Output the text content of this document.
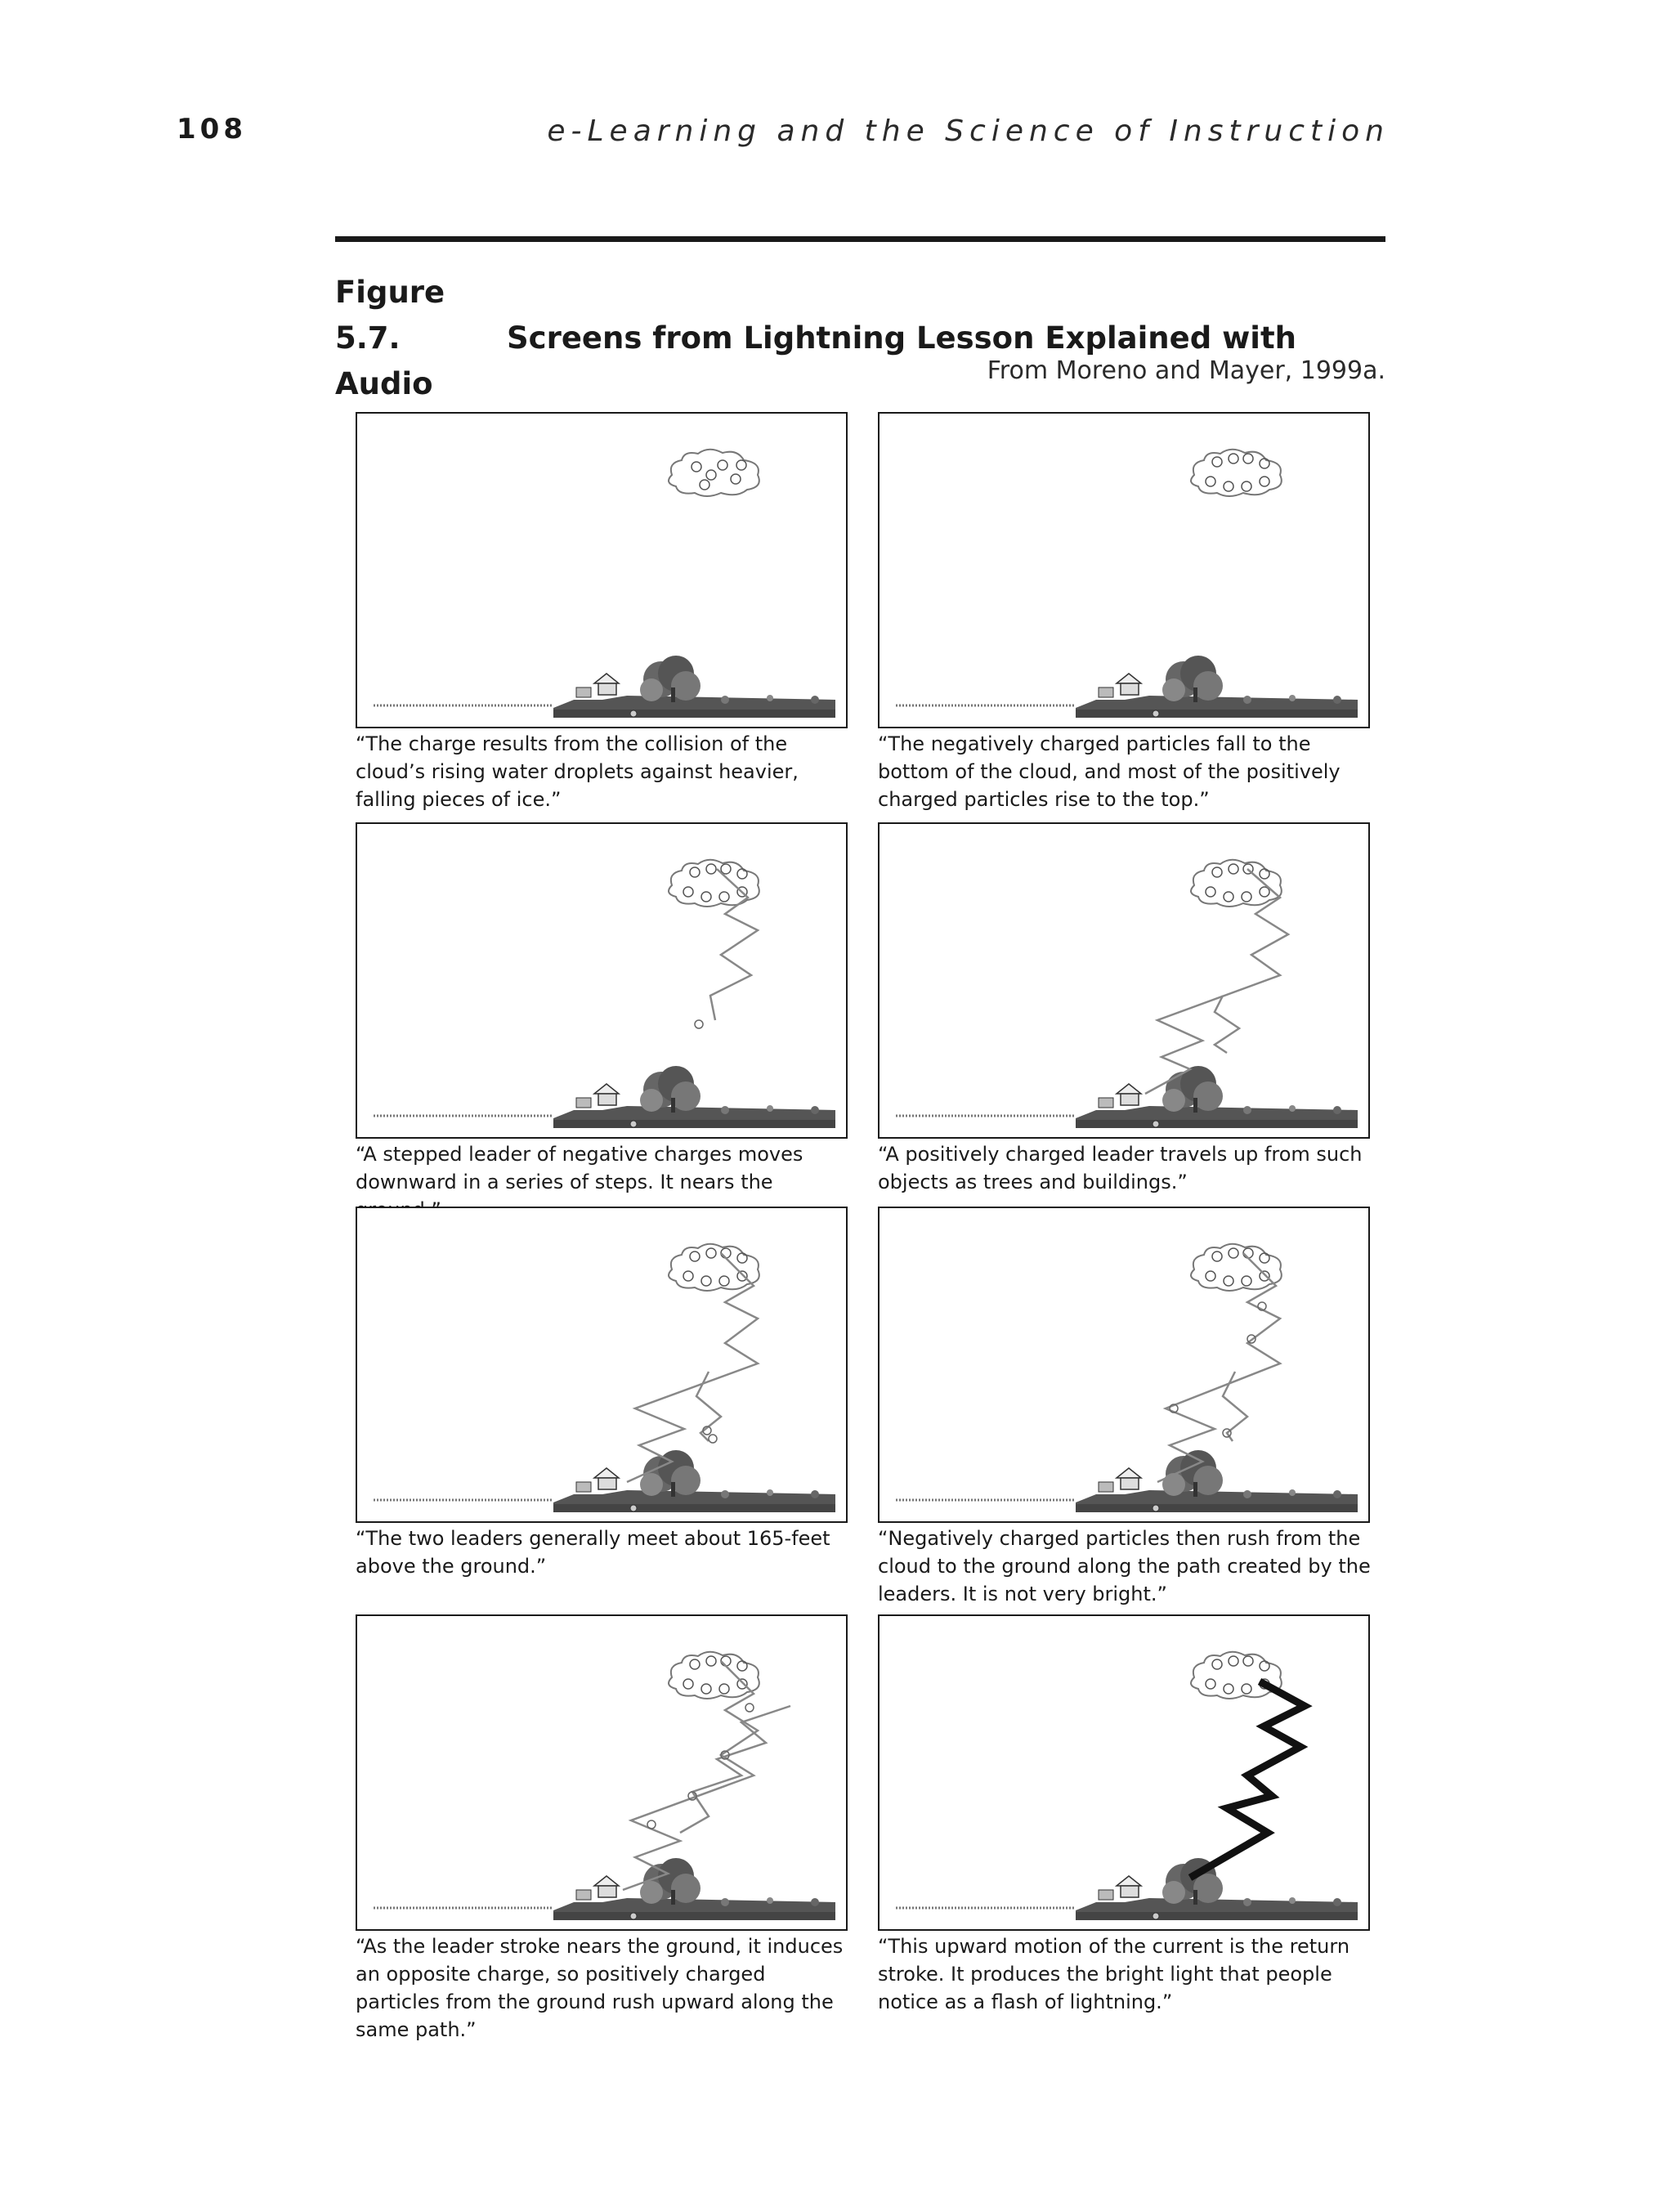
108	e-Learning and the Science of Instruction
Figure 5.7.	Screens from Lightning Lesson Explained with Audio	From Moreno and Mayer, 1999a.
“The charge results from the collision of the cloud’s rising water droplets against heavier, falling pieces of ice.”
“The negatively charged particles fall to the bottom of the cloud, and most of the positively charged particles rise to the top.”
“A stepped leader of negative charges moves downward in a series of steps. It nears the
“A positively charged leader travels up from such objects as trees and buildings.”
“The two leaders generally meet about 165-feet above the ground.”
“Negatively charged particles then rush from the cloud to the ground along the path created by the leaders. It is not very bright.”
“As the leader stroke nears the ground, it induces an opposite charge, so positively charged particles from the ground rush upward along the same path.”
“This upward motion of the current is the return stroke. It produces the bright light that people notice as a flash of lightning.”
